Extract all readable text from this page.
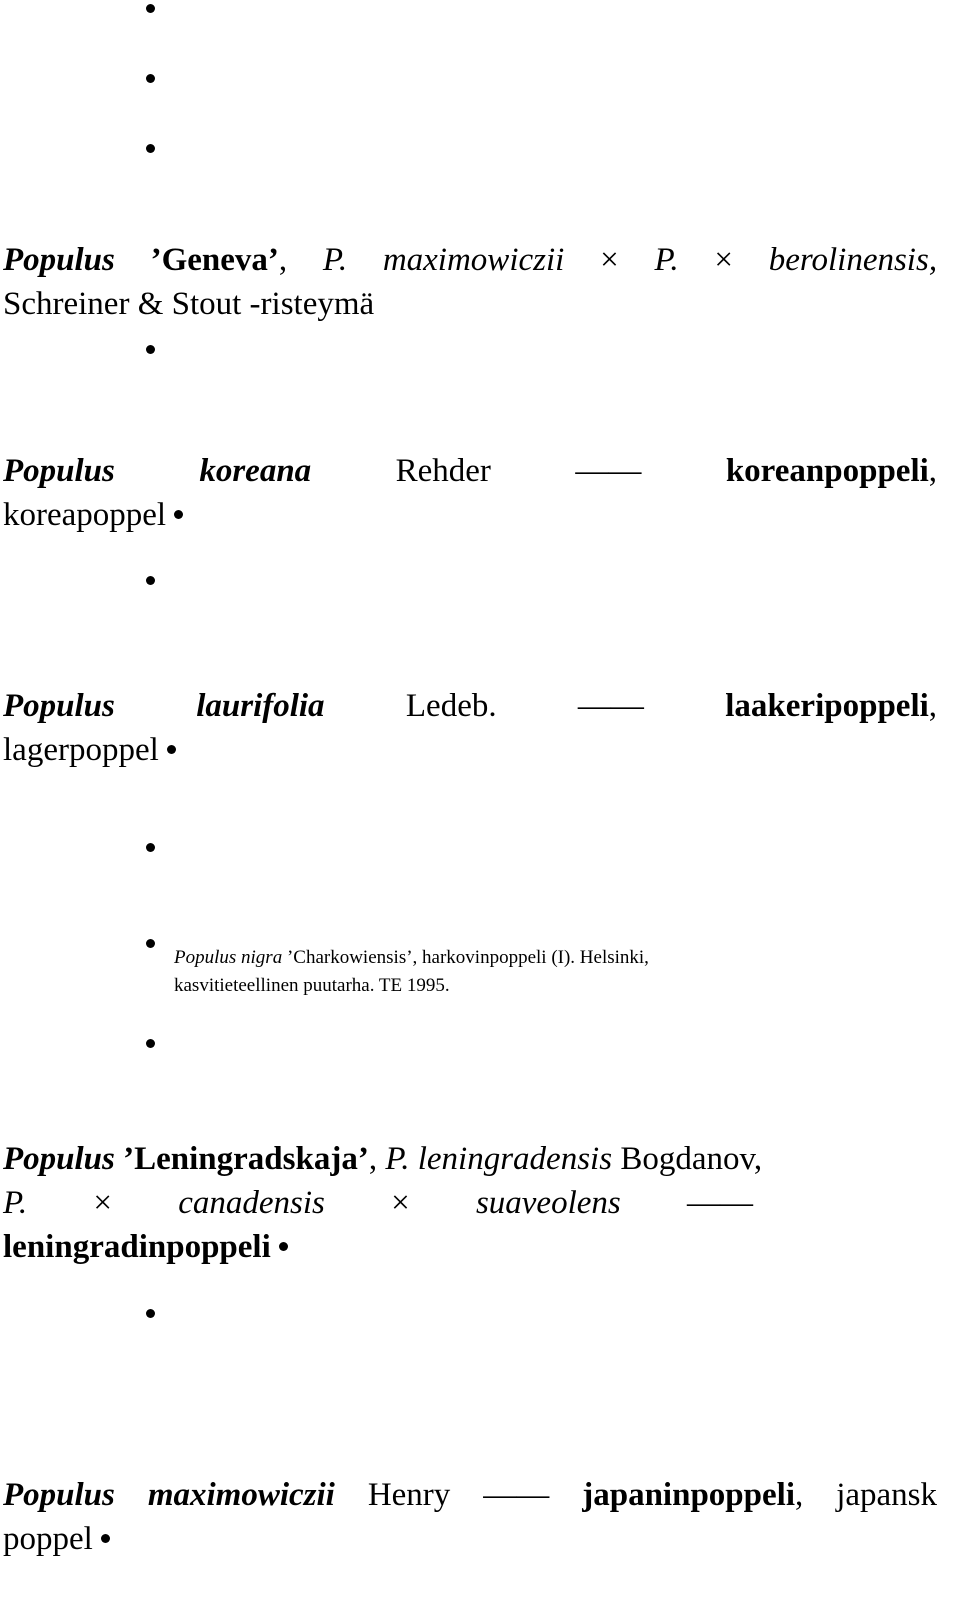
Populus ’Geneva’, P. maximowiczii × P. × berolinensis,
Schreiner & Stout -risteymä
Populus	koreana	Rehder	——	koreanpoppeli,
koreapoppel
Populus laurifolia Ledeb. —— laakeripoppeli,
lagerpoppel
Populus nigra ’Charkowiensis’, harkovinpoppeli (I). Helsinki,
kasvitieteellinen puutarha. TE 1995.
Populus ’Leningradskaja’, P. leningradensis Bogdanov,
P. × canadensis × suaveolens ——
leningradinpoppeli
Populus maximowiczii Henry —— japaninpoppeli, japansk
poppel
